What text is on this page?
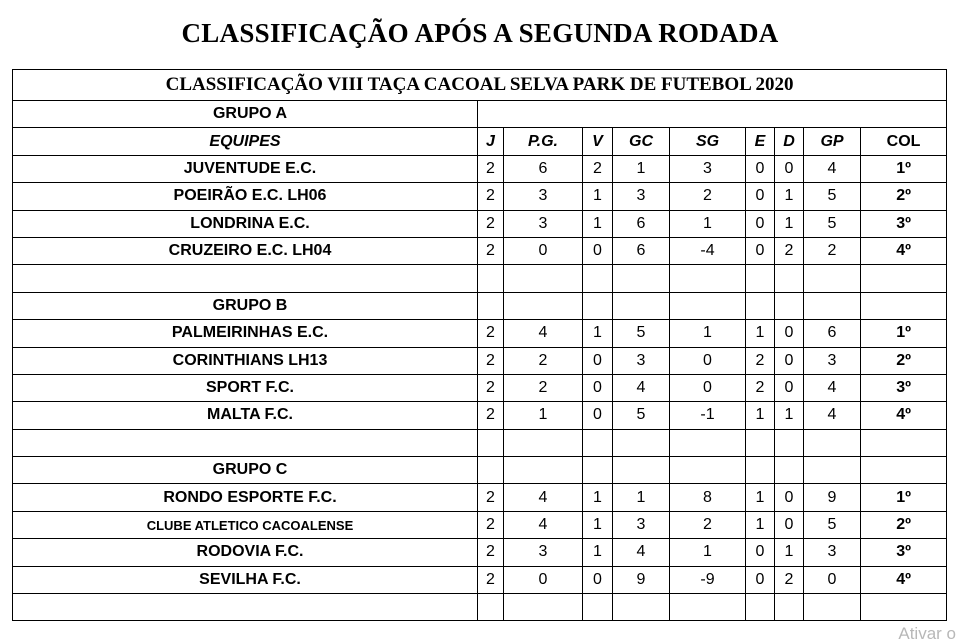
CLASSIFICAÇÃO APÓS A SEGUNDA RODADA
CLASSIFICAÇÃO VIII TAÇA CACOAL SELVA PARK DE FUTEBOL 2020									
GRUPO A									
EQUIPES	J	P.G.	V	GC	SG	E	D	GP	COL
JUVENTUDE E.C.	2	6	2	1	3	0	0	4	1º
POEIRÃO E.C. LH06	2	3	1	3	2	0	1	5	2º
LONDRINA E.C.	2	3	1	6	1	0	1	5	3º
CRUZEIRO E.C. LH04	2	0	0	6	-4	0	2	2	4º

GRUPO B									
PALMEIRINHAS E.C.	2	4	1	5	1	1	0	6	1º
CORINTHIANS LH13	2	2	0	3	0	2	0	3	2º
SPORT F.C.	2	2	0	4	0	2	0	4	3º
MALTA F.C.	2	1	0	5	-1	1	1	4	4º

GRUPO C									
RONDO ESPORTE F.C.	2	4	1	1	8	1	0	9	1º
CLUBE ATLETICO CACOALENSE	2	4	1	3	2	1	0	5	2º
RODOVIA F.C.	2	3	1	4	1	0	1	3	3º
SEVILHA F.C.	2	0	0	9	-9	0	2	0	4º

Ativar o
